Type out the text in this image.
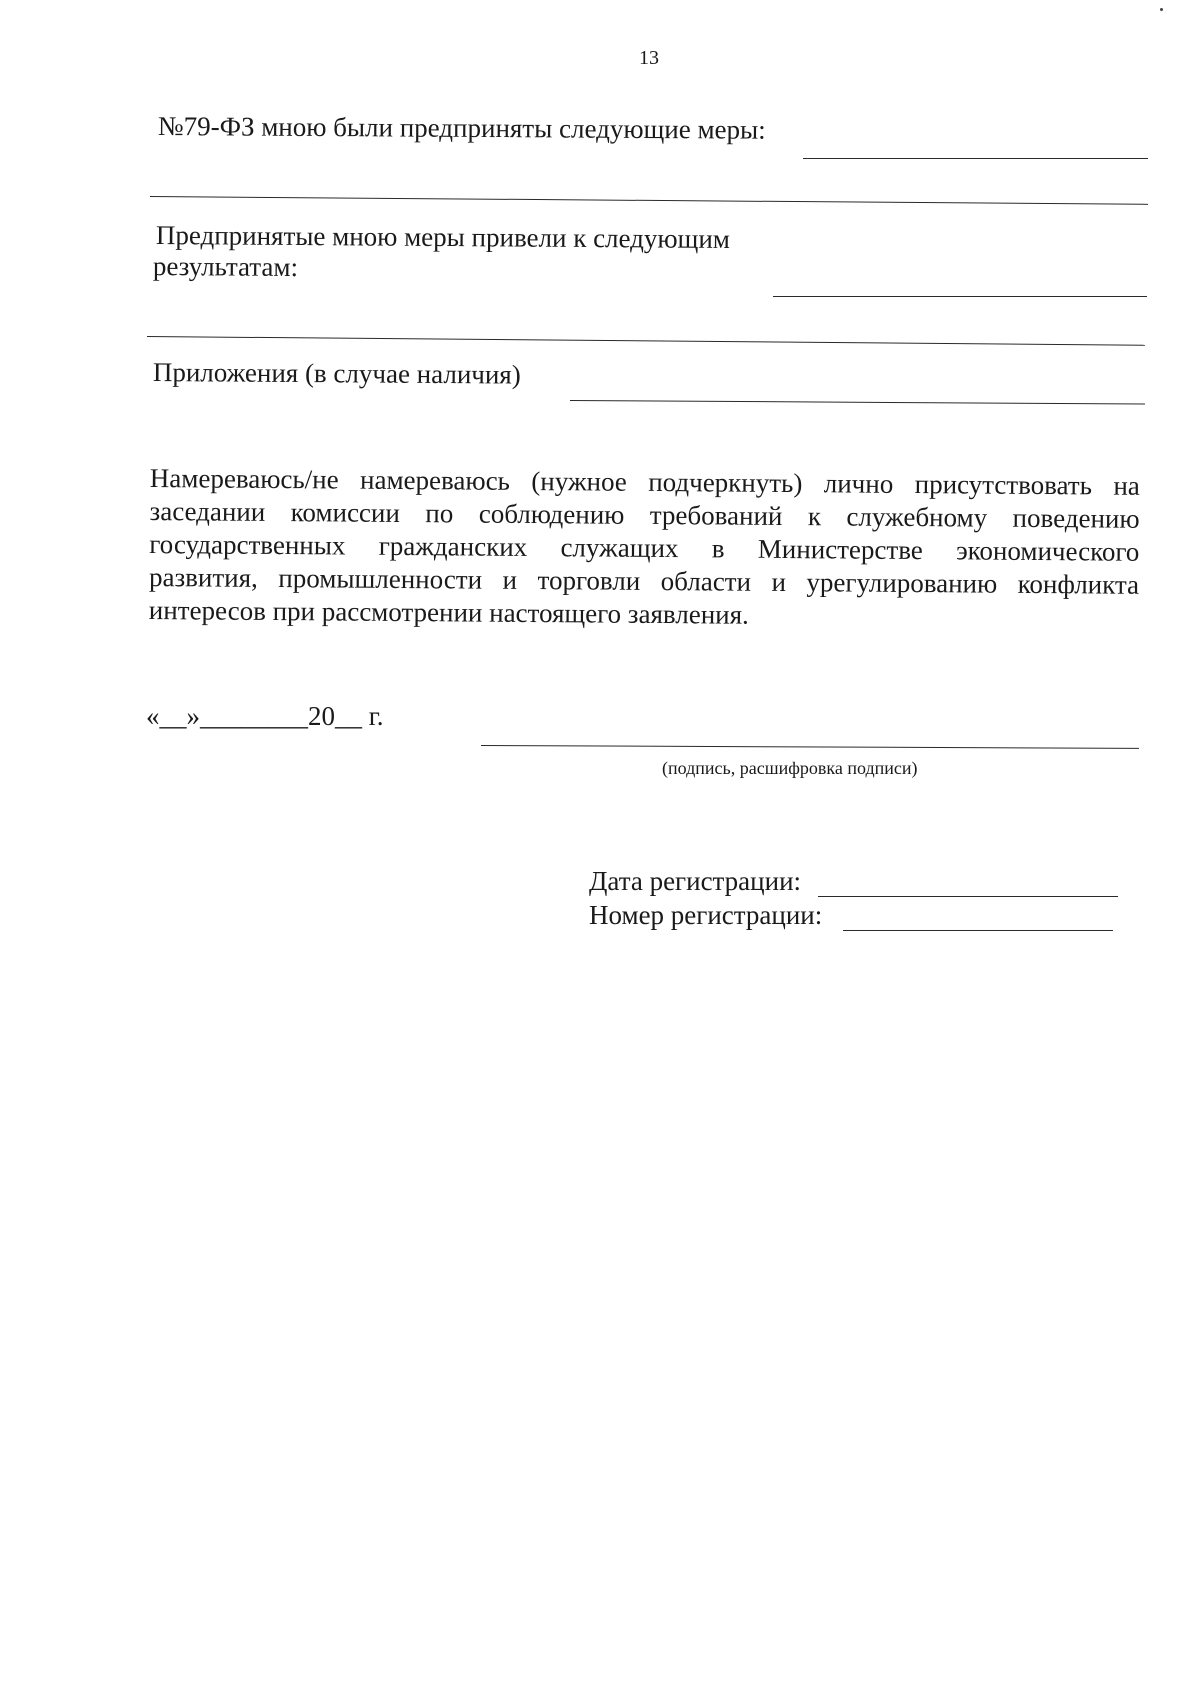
13
№79-ФЗ мною были предприняты следующие меры:
Предпринятые мною меры привели к следующим
результатам:
Приложения (в случае наличия)
Намереваюсь/не намереваюсь (нужное подчеркнуть) лично присутствовать на
заседании комиссии по соблюдению требований к служебному поведению
государственных гражданских служащих в Министерстве экономического
развития, промышленности и торговли области и урегулированию конфликта
интересов при рассмотрении настоящего заявления.
«__»________20__ г.
(подпись, расшифровка подписи)
Дата регистрации:
Номер регистрации:
